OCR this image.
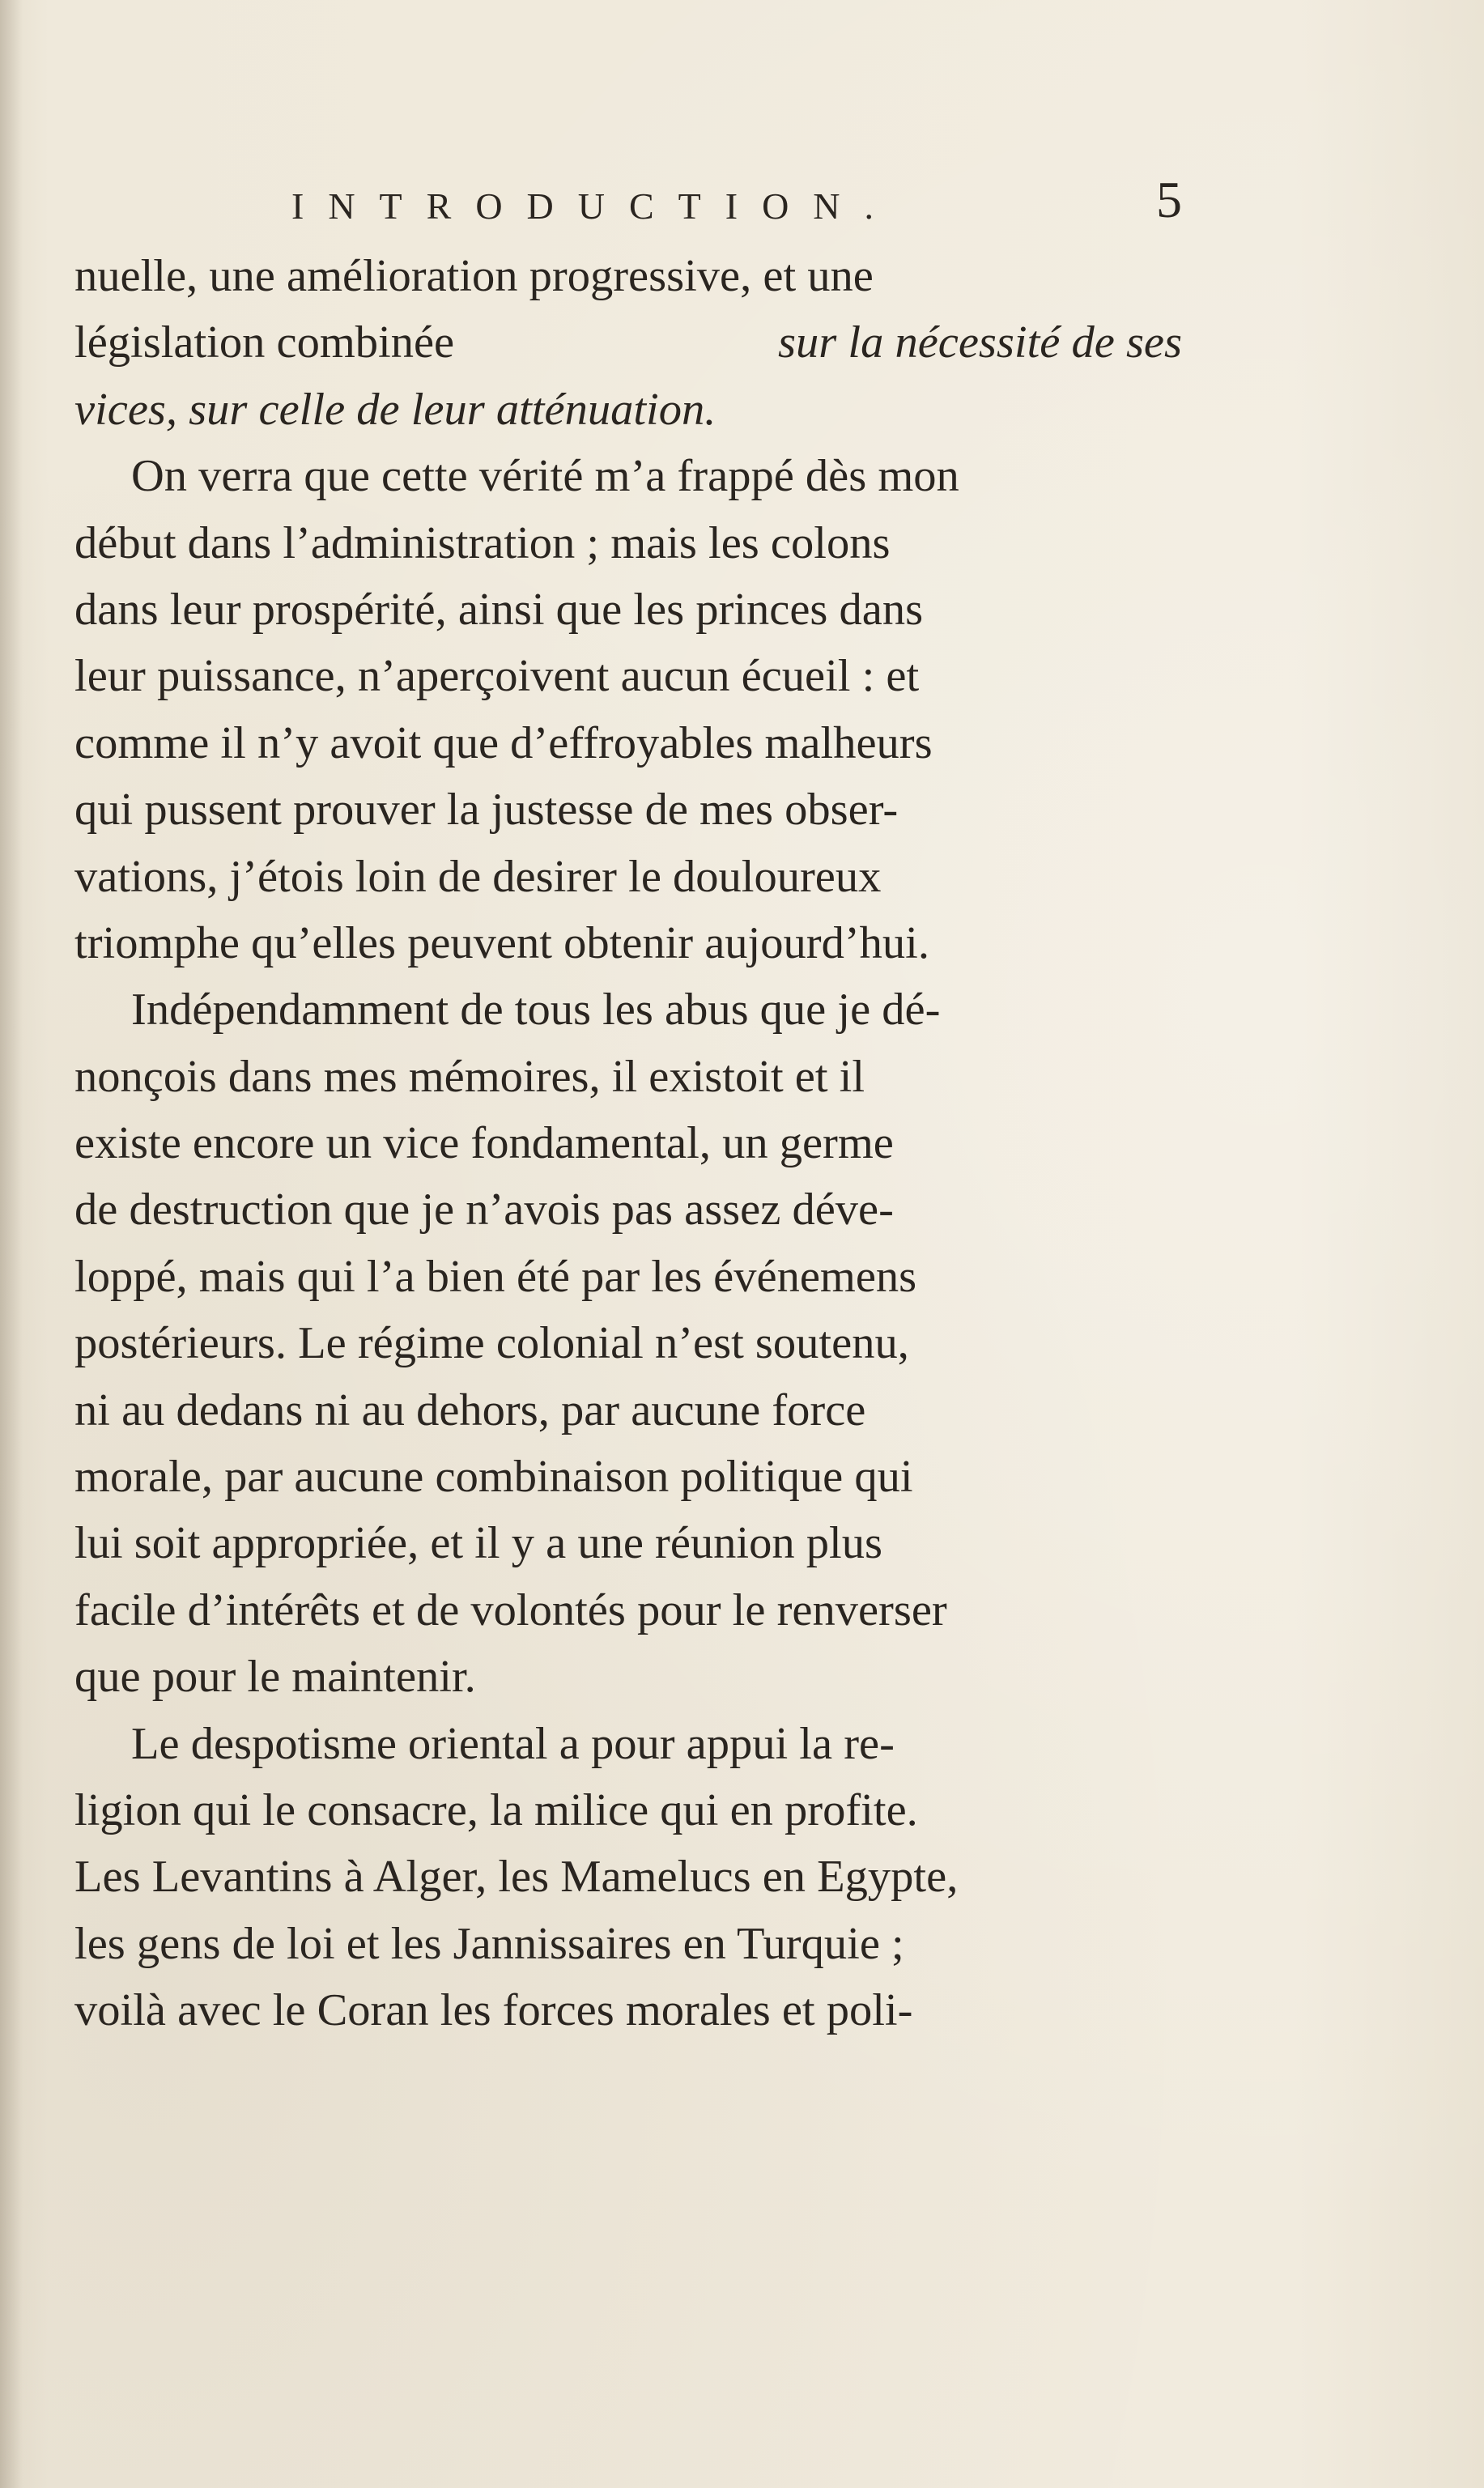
INTRODUCTION.	5
nuelle, une amélioration progressive, et une
législation combinée	sur la nécessité de ses
vices, sur celle de leur atténuation.
On verra que cette vérité m’a frappé dès mon
début dans l’administration ; mais les colons
dans leur prospérité, ainsi que les princes dans
leur puissance, n’aperçoivent aucun écueil : et
comme il n’y avoit que d’effroyables malheurs
qui pussent prouver la justesse de mes obser-
vations, j’étois loin de desirer le douloureux
triomphe qu’elles peuvent obtenir aujourd’hui.
Indépendamment de tous les abus que je dé-
nonçois dans mes mémoires, il existoit et il
existe encore un vice fondamental, un germe
de destruction que je n’avois pas assez déve-
loppé, mais qui l’a bien été par les événemens
postérieurs. Le régime colonial n’est soutenu,
ni au dedans ni au dehors, par aucune force
morale, par aucune combinaison politique qui
lui soit appropriée, et il y a une réunion plus
facile d’intérêts et de volontés pour le renverser
que pour le maintenir.
Le despotisme oriental a pour appui la re-
ligion qui le consacre, la milice qui en profite.
Les Levantins à Alger, les Mamelucs en Egypte,
les gens de loi et les Jannissaires en Turquie ;
voilà avec le Coran les forces morales et poli-
